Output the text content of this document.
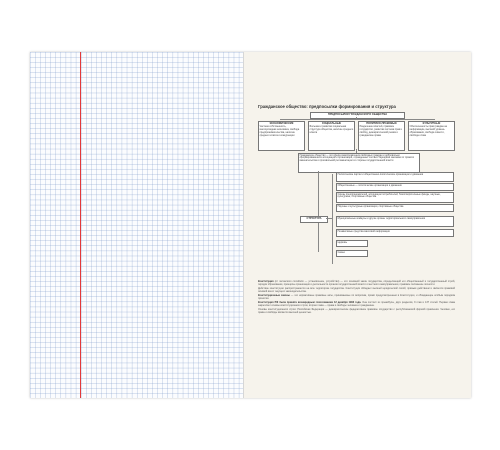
Гражданское общество: предпосылки формирования и структура
ПРЕДПОСЫЛКИ ГРАЖДАНСКОГО ОБЩЕСТВА
ЭКОНОМИЧЕСКИЕ
Частная собственность, многоукладная экономика, свобода предпринимательства, наличие среднего класса и конкуренции
СОЦИАЛЬНЫЕ
Большая и развитая социальная структура общества, наличие среднего класса
ПОЛИТИКО-ПРАВОВЫЕ
Разделение властей, правовое государство, развитая система прав и свобод, демократический режим и гражданские права
КУЛЬТУРНЫЕ
Обеспеченность прав граждан на информацию, высокий уровень образования, свобода совести, свобода слова
Гражданское общество — это сфера самопроявления свободных граждан и добровольно сформировавшихся ассоциаций и организаций, огражденных соответствующими законами от прямого вмешательства и произвольной регламентации со стороны государственной власти
СТРУКТУРА
Политические партии и общественно-политические организации и движения
Общественные — политические организации и движения
Союзы предпринимателей, ассоциации потребителей, благотворительные фонды, научные, культурные, спортивные общества
Научные и культурные организации, спортивные общества
Муниципальные коммуны и другие органы территориального самоуправления
Независимые средства массовой информации
Церковь
Семья
Конституция (от латинского constitutio — установление, устройство) — это основной закон государства, определяющий его общественный и государственный строй, порядок образования, принципы организации и деятельности органов государственной власти и местного самоуправления, правовое положение личности.
Действие конституции распространяется на всю территорию государства. Конституция обладает высшей юридической силой, прямым действием и является правовой основой всего текущего законодательства.
Конституционные законы — это нормативные правовые акты, принимаемые по вопросам, прямо предусмотренным в Конституции, и обладающие особым порядком принятия.
Конституция РФ была принята всенародным голосованием 12 декабря 1993 года. Она состоит из преамбулы, двух разделов, 9 глав и 137 статей. Первая глава закрепляет основы конституционного строя, вторая глава — права и свободы человека и гражданина.
Основы конституционного строя: Российская Федерация — демократическое федеративное правовое государство с республиканской формой правления. Человек, его права и свободы являются высшей ценностью.
